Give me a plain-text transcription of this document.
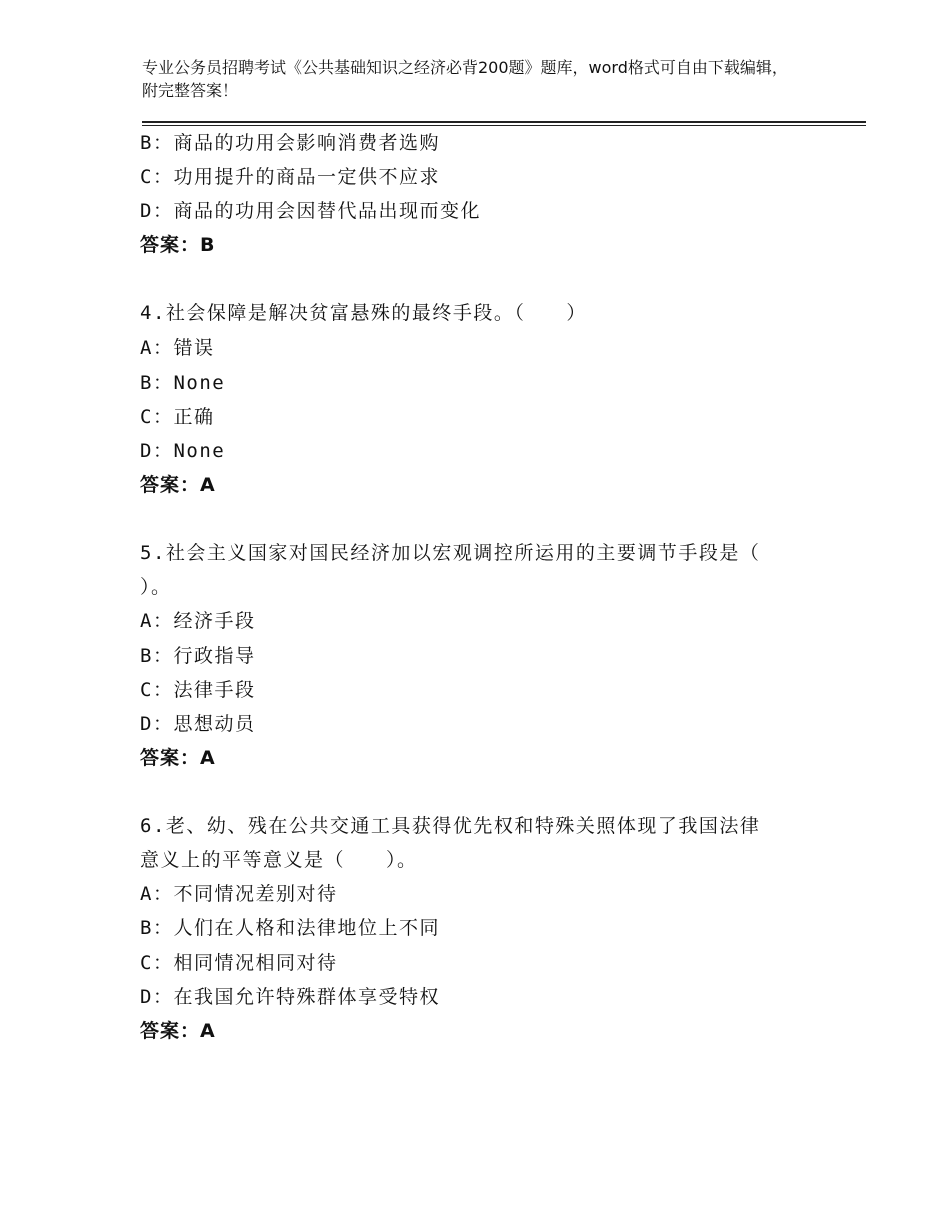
专业公务员招聘考试《公共基础知识之经济必背200题》题库，word格式可自由下载编辑，附完整答案！
B：商品的功用会影响消费者选购
C：功用提升的商品一定供不应求
D：商品的功用会因替代品出现而变化
答案：B
4.社会保障是解决贫富悬殊的最终手段。（　　）
A：错误
B：None
C：正确
D：None
答案：A
5.社会主义国家对国民经济加以宏观调控所运用的主要调节手段是（
）。
A：经济手段
B：行政指导
C：法律手段
D：思想动员
答案：A
6.老、幼、残在公共交通工具获得优先权和特殊关照体现了我国法律
意义上的平等意义是（　　）。
A：不同情况差别对待
B：人们在人格和法律地位上不同
C：相同情况相同对待
D：在我国允许特殊群体享受特权
答案：A
